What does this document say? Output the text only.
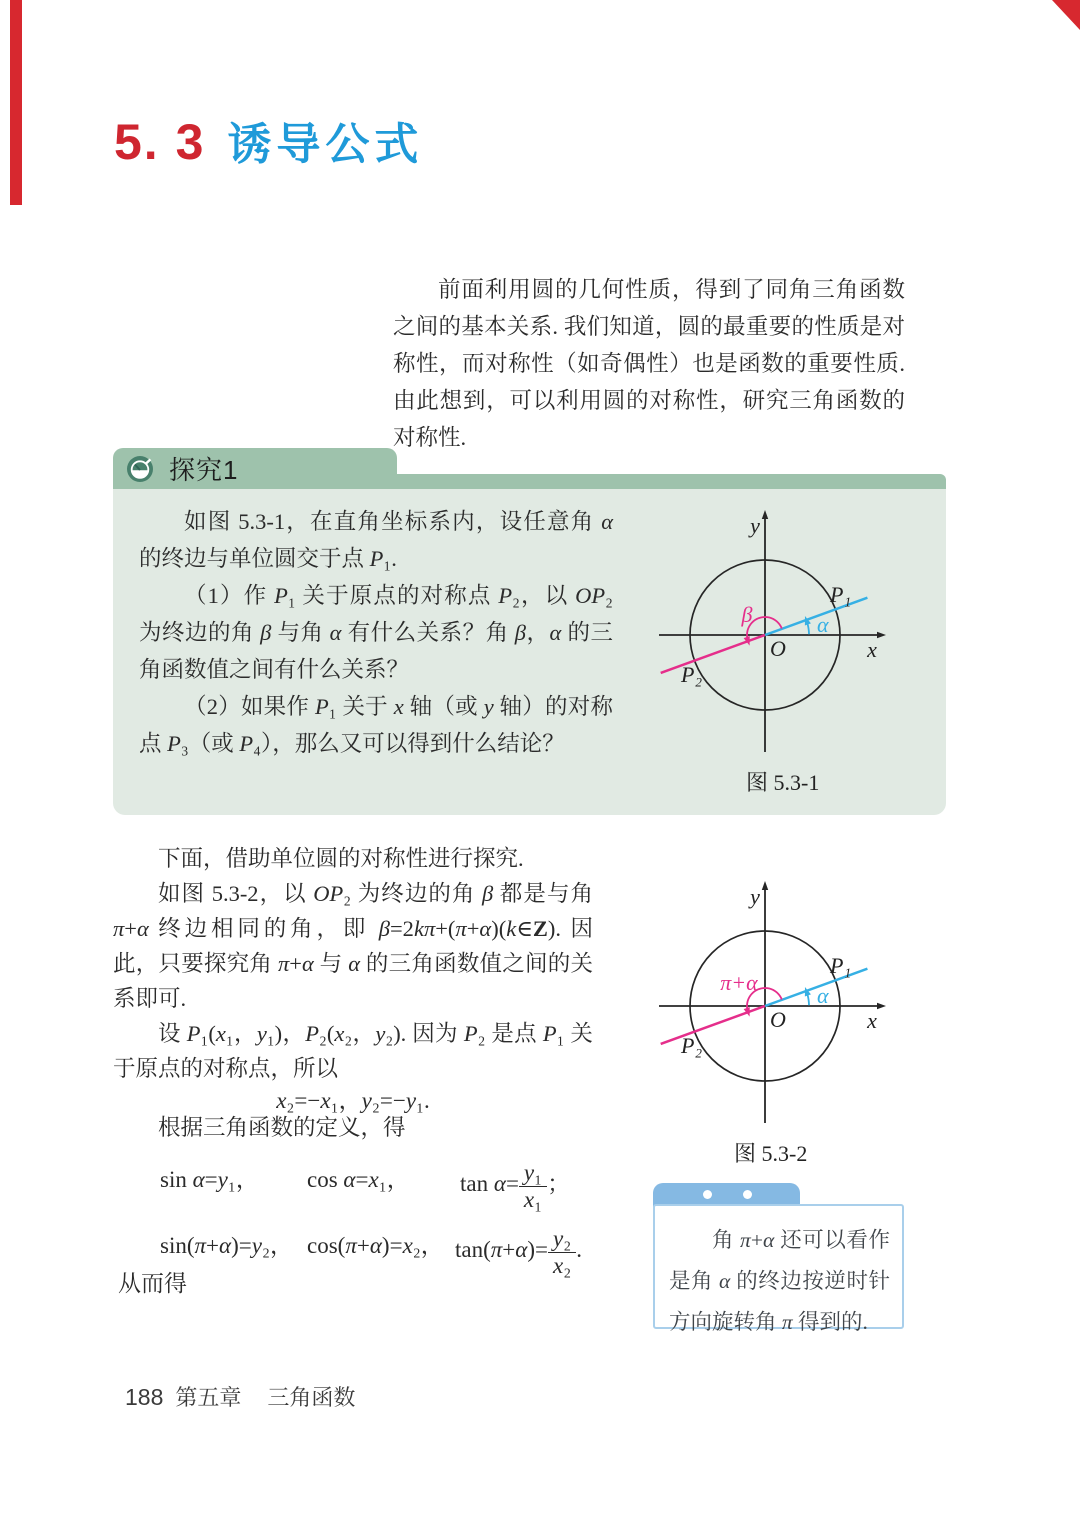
5. 3 诱导公式
前面利用圆的几何性质，得到了同角三角函数之间的基本关系. 我们知道，圆的最重要的性质是对称性，而对称性（如奇偶性）也是函数的重要性质. 由此想到，可以利用圆的对称性，研究三角函数的对称性.
探究1

如图 5.3-1，在直角坐标系内，设任意角 α 的终边与单位圆交于点 P₁.

（1）作 P₁ 关于原点的对称点 P₂，以 OP₂ 为终边的角 β 与角 α 有什么关系？角 β，α 的三角函数值之间有什么关系？

（2）如果作 P₁ 关于 x 轴（或 y 轴）的对称点 P₃（或 P₄），那么又可以得到什么结论？

y
x
O
P₁
P₂
α
β
图 5.3-1

下面，借助单位圆的对称性进行探究.

如图 5.3-2，以 OP₂ 为终边的角 β 都是与角 π+α 终边相同的角，即 β=2kπ+(π+α)(k∈Z). 因此，只要探究角 π+α 与 α 的三角函数值之间的关系即可.

设 P₁(x₁，y₁)，P₂(x₂，y₂). 因为 P₂ 是点 P₁ 关于原点的对称点，所以

x₂=−x₁，y₂=−y₁.
根据三角函数的定义，得
sin α=y₁， cos α=x₁， $\tan \alpha= \frac{\text{y₁}}{\text{x₁}}$ ；
sin(π+α)=y₂， cos(π+α)=x₂， $\tan(\pi+\alpha)= \frac{\text{y₂}}{\text{x₂}}$ .
从而得
y
x
O
P₁
P₂
α
π+α
图 5.3-2
角 π+α 还可以看作是角 α 的终边按逆时针方向旋转角 π 得到的.
188 第五章 三角函数
